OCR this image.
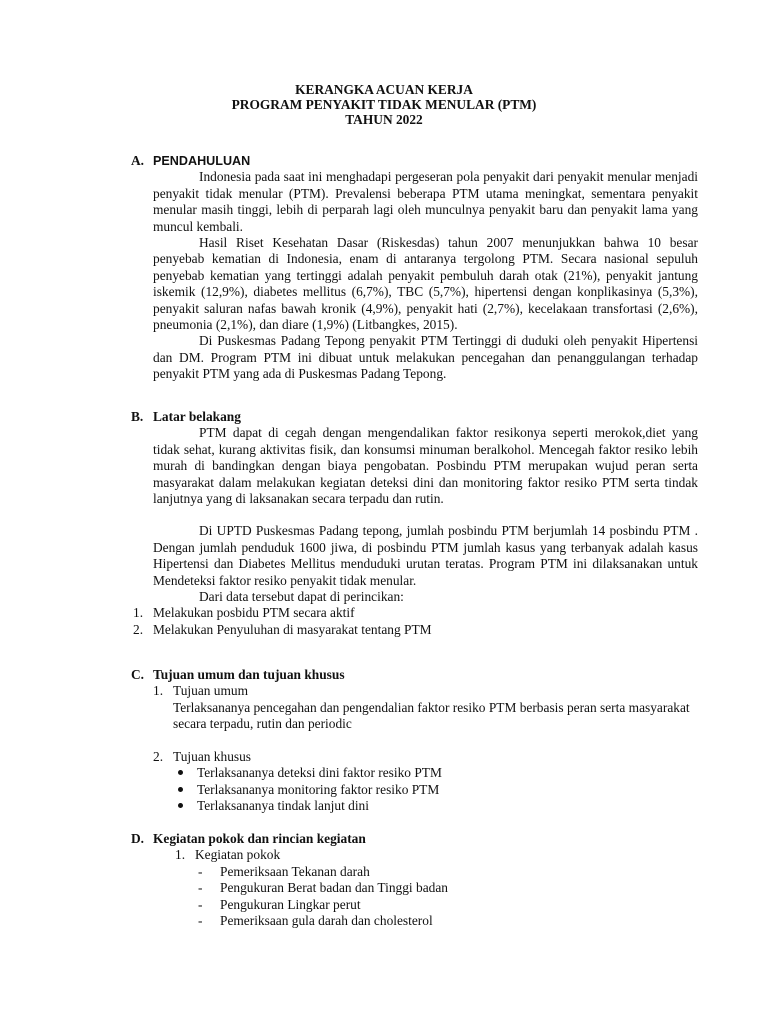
KERANGKA ACUAN KERJA
PROGRAM PENYAKIT TIDAK MENULAR (PTM)
TAHUN 2022
A. PENDAHULUAN

Indonesia pada saat ini menghadapi pergeseran pola penyakit dari penyakit menular menjadi penyakit tidak menular (PTM). Prevalensi beberapa PTM utama meningkat, sementara penyakit menular masih tinggi, lebih di perparah lagi oleh munculnya penyakit baru dan penyakit lama yang muncul kembali.

Hasil Riset Kesehatan Dasar (Riskesdas) tahun 2007 menunjukkan bahwa 10 besar penyebab kematian di Indonesia, enam di antaranya tergolong PTM. Secara nasional sepuluh penyebab kematian yang tertinggi adalah penyakit pembuluh darah otak (21%), penyakit jantung iskemik (12,9%), diabetes mellitus (6,7%), TBC (5,7%), hipertensi dengan konplikasinya (5,3%), penyakit saluran nafas bawah kronik (4,9%), penyakit hati (2,7%), kecelakaan transfortasi (2,6%), pneumonia (2,1%), dan diare (1,9%) (Litbangkes, 2015).

Di Puskesmas Padang Tepong penyakit PTM Tertinggi di duduki oleh penyakit Hipertensi dan DM. Program PTM ini dibuat untuk melakukan pencegahan dan penanggulangan terhadap penyakit PTM yang ada di Puskesmas Padang Tepong.

B. Latar belakang

PTM dapat di cegah dengan mengendalikan faktor resikonya seperti merokok,diet yang tidak sehat, kurang aktivitas fisik, dan konsumsi minuman beralkohol. Mencegah faktor resiko lebih murah di bandingkan dengan biaya pengobatan. Posbindu PTM merupakan wujud peran serta masyarakat dalam melakukan kegiatan deteksi dini dan monitoring faktor resiko PTM serta tindak lanjutnya yang di laksanakan secara terpadu dan rutin.

Di UPTD Puskesmas Padang tepong, jumlah posbindu PTM berjumlah 14 posbindu PTM . Dengan jumlah penduduk 1600 jiwa, di posbindu PTM jumlah kasus yang terbanyak adalah kasus Hipertensi dan Diabetes Mellitus menduduki urutan teratas. Program PTM ini dilaksanakan untuk Mendeteksi faktor resiko penyakit tidak menular.

Dari data tersebut dapat di perincikan:

1. Melakukan posbidu PTM secara aktif
2. Melakukan Penyuluhan di masyarakat tentang PTM
C. Tujuan umum dan tujuan khusus
1. Tujuan umum

Terlaksananya pencegahan dan pengendalian faktor resiko PTM berbasis peran serta masyarakat secara terpadu, rutin dan periodic

2. Tujuan khusus
Terlaksananya deteksi dini faktor resiko PTM
Terlaksananya monitoring faktor resiko PTM
Terlaksananya tindak lanjut dini
D. Kegiatan pokok dan rincian kegiatan
1. Kegiatan pokok
- Pemeriksaan Tekanan darah
- Pengukuran Berat badan dan Tinggi badan
- Pengukuran Lingkar perut
- Pemeriksaan gula darah dan cholesterol
